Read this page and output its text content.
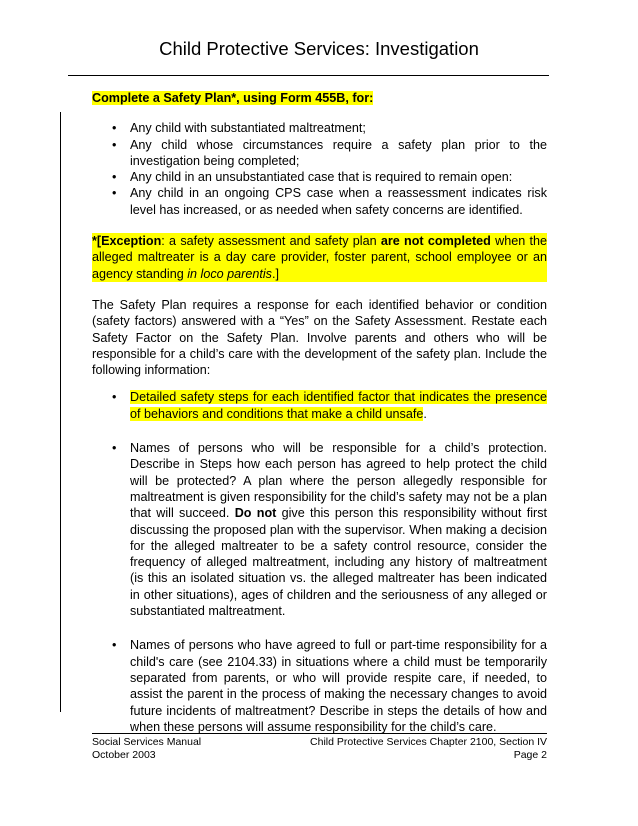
Child Protective Services: Investigation

Complete a Safety Plan*, using Form 455B, for:

• Any child with substantiated maltreatment;
• Any child whose circumstances require a safety plan prior to the investigation being completed;
• Any child in an unsubstantiated case that is required to remain open:
• Any child in an ongoing CPS case when a reassessment indicates risk level has increased, or as needed when safety concerns are identified.

*[Exception: a safety assessment and safety plan are not completed when the alleged maltreater is a day care provider, foster parent, school employee or an agency standing in loco parentis.]

The Safety Plan requires a response for each identified behavior or condition (safety factors) answered with a “Yes” on the Safety Assessment. Restate each Safety Factor on the Safety Plan. Involve parents and others who will be responsible for a child’s care with the development of the safety plan. Include the following information:

• Detailed safety steps for each identified factor that indicates the presence of behaviors and conditions that make a child unsafe.
• Names of persons who will be responsible for a child’s protection. Describe in Steps how each person has agreed to help protect the child will be protected? A plan where the person allegedly responsible for maltreatment is given responsibility for the child’s safety may not be a plan that will succeed. Do not give this person this responsibility without first discussing the proposed plan with the supervisor. When making a decision for the alleged maltreater to be a safety control resource, consider the frequency of alleged maltreatment, including any history of maltreatment (is this an isolated situation vs. the alleged maltreater has been indicated in other situations), ages of children and the seriousness of any alleged or substantiated maltreatment.
• Names of persons who have agreed to full or part-time responsibility for a child's care (see 2104.33) in situations where a child must be temporarily separated from parents, or who will provide respite care, if needed, to assist the parent in the process of making the necessary changes to avoid future incidents of maltreatment? Describe in steps the details of how and when these persons will assume responsibility for the child’s care.
Social Services Manual	Child Protective Services Chapter 2100, Section IV
October 2003	Page 2
